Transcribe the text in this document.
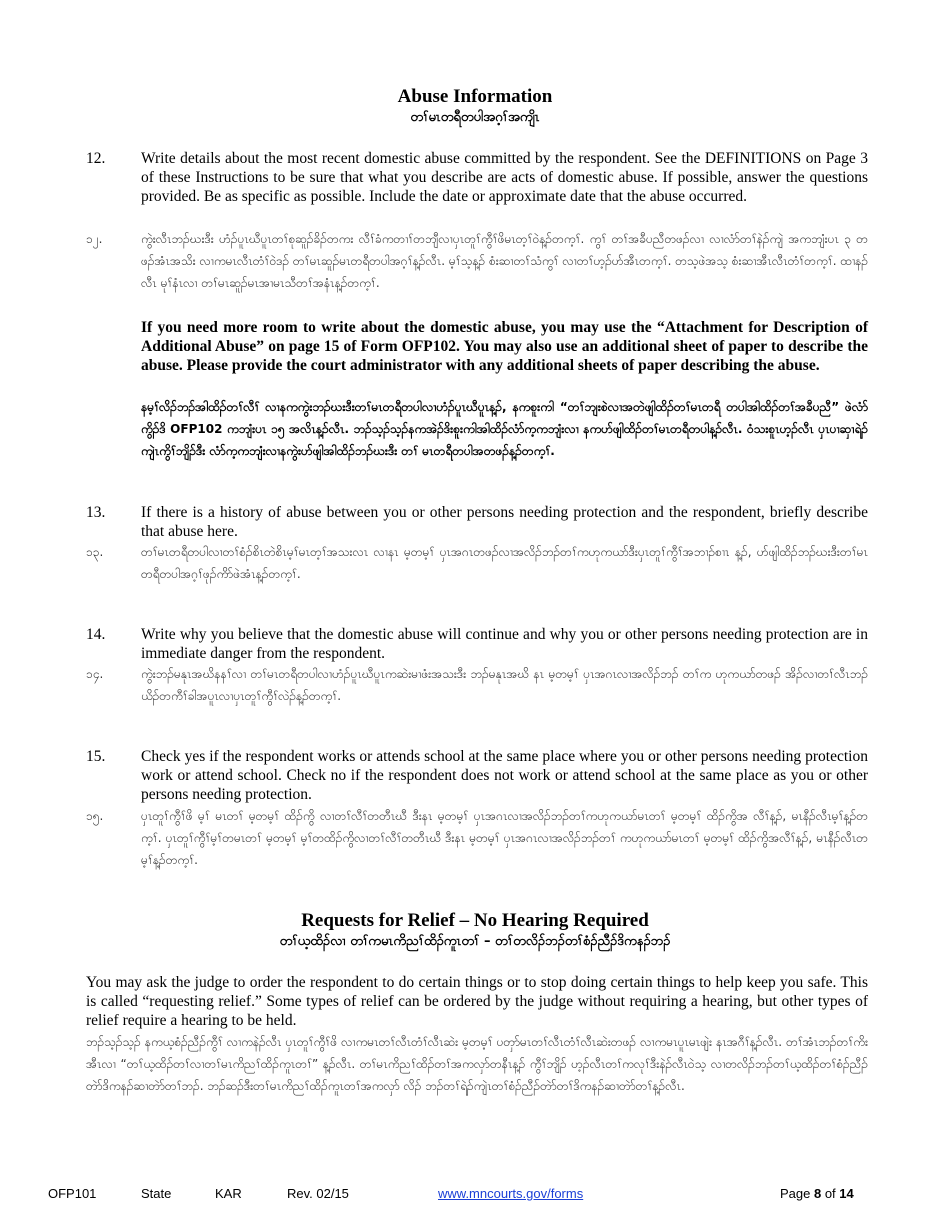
Abuse Information
တၢ်မၤတရီတပါအဂ့ၢ်အကျိၤ
12.	Write details about the most recent domestic abuse committed by the respondent. See the DEFINITIONS on Page 3 of these Instructions to be sure that what you describe are acts of domestic abuse. If possible, answer the questions provided. Be as specific as possible. Include the date or approximate date that the abuse occurred.
၁၂.	ကွဲးလီၤဘၣ်ဃးဒီး ဟံၣ်ပူၤဃီပူၤတၢ်စုဆူၣ်ခိၣ်တကး လီၢ်ခံကတၢၢ်တဘျီလၢပှၤတူၢ်ကွီၢ်ဖိမၤတ့ၢ်ဝဲန့ၣ်တက့ၢ်. ကွၢ် တၢ်အခီပညီတဖၣ်လၢ လၢလံာ်တၢ်နဲၣ်ကျဲ အကဘျံးပၤ ၃ တဖၣ်အံၤအသိး လၢကမၤလီၤတံၢ်ဝဲဒၣ် တၢ်မၤဆူၣ်မၤတရီတပါအဂ့ၢ်န့ၣ်လီၤ. မ့ၢ်သ့န့ၣ် စံးဆၢတၢ်သံကွၢ် လၢတၢ်ဟ့ၣ်ဟ်အီၤတက့ၢ်. တသ့ဖဲအသ့ စံးဆၢအီၤလီၤတံၢ်တက့ၢ်. ထၢနၣ်လီၤ မုၢ်နံၤလၢ တၢ်မၤဆူၣ်မၤအၢမၤသီတၢ်အနံၤန့ၣ်တက့ၢ်.
If you need more room to write about the domestic abuse, you may use the “Attachment for Description of Additional Abuse” on page 15 of Form OFP102. You may also use an additional sheet of paper to describe the abuse. Please provide the court administrator with any additional sheets of paper describing the abuse.
နမ့ၢ်လိၣ်ဘၣ်အါထိၣ်တၢ်လီၢ် လၢနကကွဲးဘၣ်ဃးဒီးတၢ်မၤတရီတပါလၢဟံၣ်ပူၤဃီပူၤန့ၣ်, နကစူးကါ “တၢ်ဘျးစဲလၢအတဲဖျါထိၣ်တၢ်မၤတရီ တပါအါထိၣ်တၢ်အခီပညီ” ဖဲလံာ်ကွိၣ်ဒိ OFP102 ကဘျံးပၤ ၁၅ အလိၤန့ၣ်လီၤ. ဘၣ်သ့ၣ်သ့ၣ်နကအဲၣ်ဒိးစူးကါအါထိၣ်လံာ်က့ကဘျံးလၢ နကဟ်ဖျါထိၣ်တၢ်မၤတရီတပါန့ၣ်လီၤ. ဝံသးစူၤဟ့ၣ်လီၤ ပှၤပၢဆှၢရဲၣ်ကျဲၤကွိၢ်ဘျိၣ်ဒီး လံာ်က့ကဘျံးလၢနကွဲးဟ်ဖျါအါထိၣ်ဘၣ်ဃးဒီး တၢ် မၤတရီတပါအတဖၣ်န့ၣ်တက့ၢ်.
13.	If there is a history of abuse between you or other persons needing protection and the respondent, briefly describe that abuse here.
၁၃.	တၢ်မၤတရီတပါလၢတၢ်စံၣ်စိၤတဲစိၤမ့ၢ်မၤတ့ၢ်အသးလၤ လၢနၤ မ့တမ့ၢ် ပှၤအဂၤတဖၣ်လၢအလိၣ်ဘၣ်တၢ်ကဟုကယာ်ဒီးပှၤတူၢ်ကွီၢ်အဘၢၣ်စၢၤ န့ၣ်, ဟ်ဖျါထိၣ်ဘၣ်ဃးဒီးတၢ်မၤတရီတပါအဂ့ၢ်ဖုၣ်ကိာ်ဖဲအံၤန့ၣ်တက့ၢ်.
14.	Write why you believe that the domestic abuse will continue and why you or other persons needing protection are in immediate danger from the respondent.
၁၄.	ကွဲးဘၣ်မနုၤအဃိနနၢ်လၢ တၢ်မၤတရီတပါလၢဟံၣ်ပူၤဃီပူၤကဆဲးမၢဖံးအသးဒီး ဘၣ်မနုၤအဃိ နၤ မ့တမ့ၢ် ပှၤအဂၤလၢအလိၣ်ဘၣ် တၢ်က ဟုကယာ်တဖၣ် အိၣ်လၢတၢ်လီၤဘၣ်ယိၣ်တကီၢ်ခါအပူၤလၢပှၤတူၢ်ကွီၢ်လဲၣ်န့ၣ်တက့ၢ်.
15.	Check yes if the respondent works or attends school at the same place where you or other persons needing protection work or attend school. Check no if the respondent does not work or attend school at the same place as you or other persons needing protection.
၁၅.	ပှၤတူၢ်ကွီၢ်ဖိ မ့ၢ် မၤတၢ် မ့တမ့ၢ် ထိၣ်ကွိ လၢတၢ်လီၢ်တတီၤဃီ ဒီးနၤ မ့တမ့ၢ် ပှၤအဂၤလၢအလိၣ်ဘၣ်တၢ်ကဟုကယာ်မၤတၢ် မ့တမ့ၢ် ထိၣ်ကွိအ လီၢ်န့ၣ်, မၤနီၣ်လီၤမ့ၢ်န့ၣ်တက့ၢ်. ပှၤတူၢ်ကွီၢ်မ့ၢ်တမၤတၢ် မ့တမ့ၢ် မ့ၢ်တထိၣ်ကွိလၢတၢ်လီၢ်တတီၤဃီ ဒီးနၤ မ့တမ့ၢ် ပှၤအဂၤလၢအလိၣ်ဘၣ်တၢ် ကဟုကယာ်မၤတၢ် မ့တမ့ၢ် ထိၣ်ကွိအလီၢ်န့ၣ်, မၤနီၣ်လီၤတမ့ၢ်န့ၣ်တက့ၢ်.
Requests for Relief – No Hearing Required
တၢ်ယ့ထိၣ်လၢ တၢ်ကမၤကိညၢ်ထိၣ်ကူၤတၢ် – တၢ်တလိၣ်ဘၣ်တၢ်စံၣ်ညီၣ်ဒိကနၣ်ဘၣ်
You may ask the judge to order the respondent to do certain things or to stop doing certain things to help keep you safe. This is called “requesting relief.” Some types of relief can be ordered by the judge without requiring a hearing, but other types of relief require a hearing to be held.
ဘၣ်သ့ၣ်သ့ၣ် နကယ့စံၣ်ညီၣ်ကွီၢ် လၢကနဲၣ်လီၤ ပှၤတူၢ်ကွီၢ်ဖိ လၢကမၤတၢ်လီၤတံၢ်လီၤဆဲး မ့တမ့ၢ် ပတှာ်မၤတၢ်လီၤတံၢ်လီၤဆဲးတဖၣ် လၢကမၤပူၤမၤဖျဲး နၤအဂီၢ်န့ၣ်လီၤ. တၢ်အံၤဘၣ်တၢ်ကိးအီၤလၢ “တၢ်ယ့ထိၣ်တၢ်လၢတၢ်မၤကိညၢ်ထိၣ်ကူၤတၢ်” န့ၣ်လီၤ. တၢ်မၤကိညၢ်ထိၣ်တၢ်အကလှာ်တနီၤန့ၣ် ကွီၢ်ဘျိၣ် ဟ့ၣ်လီၤတၢ်ကလုၢ်ဒီးနဲၣ်လီၤဝဲသ့ လၢတလိၣ်ဘၣ်တၢ်ယ့ထိၣ်တၢ်စံၣ်ညီၣ်တဲာ်ဒိကနၣ်ဆၢတဲာ်တၢ်ဘၣ်. ဘၣ်ဆၣ်ဒီးတၢ်မၤကိညၢ်ထိၣ်ကူၤတၢ်အကလှာ် လိၣ် ဘၣ်တၢ်ရဲၣ်ကျဲၤတၢ်စံၣ်ညီၣ်တဲာ်တၢ်ဒိကနၣ်ဆၢတဲာ်တၢ်န့ၣ်လီၤ.
OFP101	State	KAR	Rev. 02/15	www.mncourts.gov/forms	Page 8 of 14
